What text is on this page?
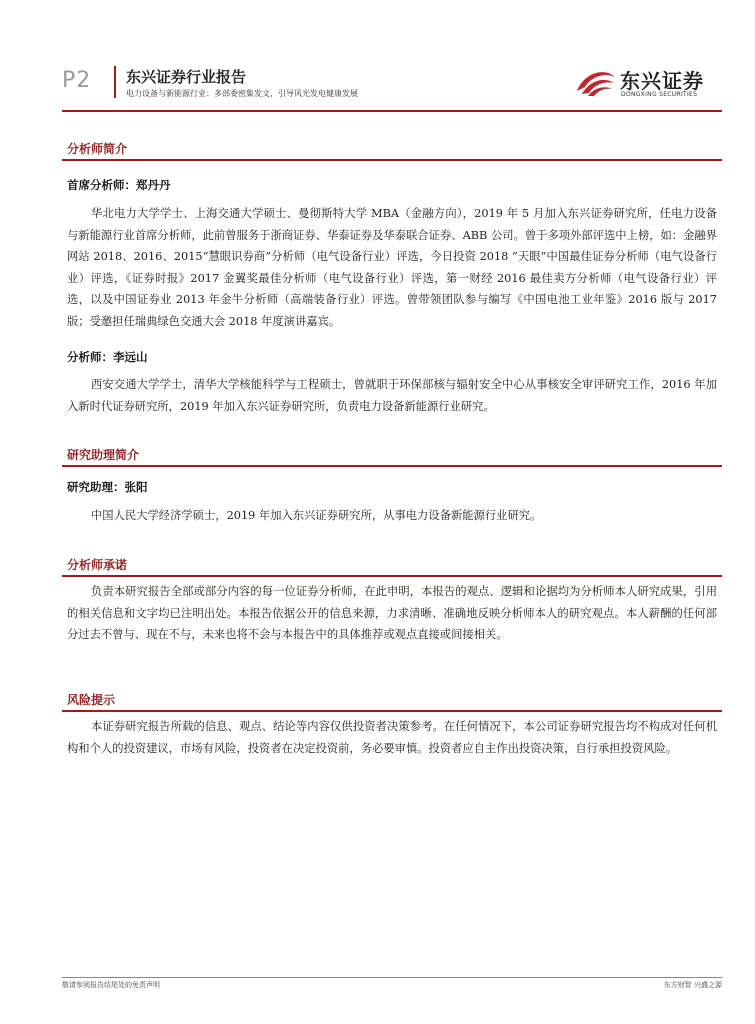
P2 东兴证券行业报告
电力设备与新能源行业：多部委密集发文，引导风光发电健康发展
东兴证券
DONGXING SECURITIES
分析师简介
首席分析师：郑丹丹
华北电力大学学士、上海交通大学硕士、曼彻斯特大学 MBA（金融方向），2019 年 5 月加入东兴证券研究所，任电力设备与新能源行业首席分析师，此前曾服务于浙商证券、华泰证券及华泰联合证券、ABB 公司。曾于多项外部评选中上榜，如：金融界网站 2018、2016、2015“慧眼识券商”分析师（电气设备行业）评选，今日投资 2018 “天眼”中国最佳证券分析师（电气设备行业）评选，《证券时报》2017 金翼奖最佳分析师（电气设备行业）评选，第一财经 2016 最佳卖方分析师（电气设备行业）评选，以及中国证券业 2013 年金牛分析师（高端装备行业）评选。曾带领团队参与编写《中国电池工业年鉴》2016 版与 2017 版；受邀担任瑞典绿色交通大会 2018 年度演讲嘉宾。
分析师：李远山
西安交通大学学士，清华大学核能科学与工程硕士，曾就职于环保部核与辐射安全中心从事核安全审评研究工作，2016 年加入新时代证券研究所，2019 年加入东兴证券研究所，负责电力设备新能源行业研究。
研究助理简介
研究助理：张阳
中国人民大学经济学硕士，2019 年加入东兴证券研究所，从事电力设备新能源行业研究。
分析师承诺
负责本研究报告全部或部分内容的每一位证券分析师，在此申明，本报告的观点、逻辑和论据均为分析师本人研究成果，引用的相关信息和文字均已注明出处。本报告依据公开的信息来源，力求清晰、准确地反映分析师本人的研究观点。本人薪酬的任何部分过去不曾与、现在不与，未来也将不会与本报告中的具体推荐或观点直接或间接相关。
风险提示
本证券研究报告所载的信息、观点、结论等内容仅供投资者决策参考。在任何情况下，本公司证券研究报告均不构成对任何机构和个人的投资建议，市场有风险，投资者在决定投资前，务必要审慎。投资者应自主作出投资决策，自行承担投资风险。
敬请参阅报告结尾处的免责声明	东方财智 兴盛之源
